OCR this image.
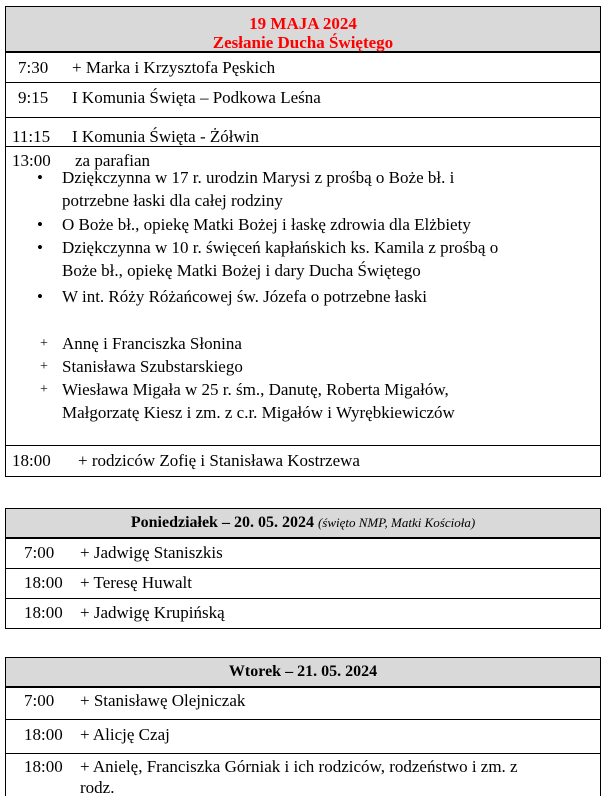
19 MAJA 2024
Zesłanie Ducha Świętego
7:30 + Marka i Krzysztofa Pęskich
9:15 I Komunia Święta – Podkowa Leśna
11:15 I Komunia Święta - Żółwin
13:00 za parafian
• Dziękczynna w 17 r. urodzin Marysi z prośbą o Boże bł. i
potrzebne łaski dla całej rodziny
• O Boże bł., opiekę Matki Bożej i łaskę zdrowia dla Elżbiety
• Dziękczynna w 10 r. święceń kapłańskich ks. Kamila z prośbą o
Boże bł., opiekę Matki Bożej i dary Ducha Świętego
• W int. Róży Różańcowej św. Józefa o potrzebne łaski
+ Annę i Franciszka Słonina
+ Stanisława Szubstarskiego
+ Wiesława Migała w 25 r. śm., Danutę, Roberta Migałów,
Małgorzatę Kiesz i zm. z c.r. Migałów i Wyrębkiewiczów
18:00 + rodziców Zofię i Stanisława Kostrzewa
Poniedziałek – 20. 05. 2024 (święto NMP, Matki Kościoła)
7:00 + Jadwigę Staniszkis
18:00 + Teresę Huwalt
18:00 + Jadwigę Krupińską
Wtorek – 21. 05. 2024
7:00 + Stanisławę Olejniczak
18:00 + Alicję Czaj
18:00 + Anielę, Franciszka Górniak i ich rodziców, rodzeństwo i zm. z
rodz.
